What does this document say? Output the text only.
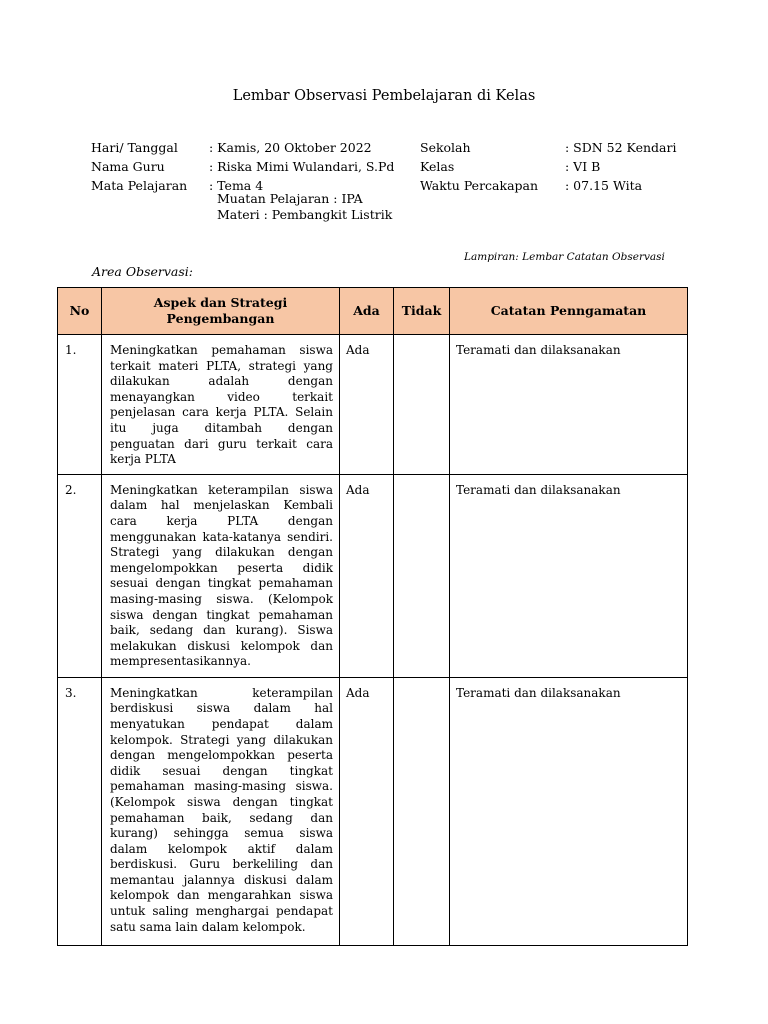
Lembar Observasi Pembelajaran di Kelas
Hari/ Tanggal : Kamis, 20 Oktober 2022
Nama Guru	: Riska Mimi Wulandari, S.Pd
Mata Pelajaran : Tema 4
Muatan Pelajaran : IPA
Materi : Pembangkit Listrik
Sekolah	: SDN 52 Kendari
Kelas	: VI B
Waktu Percakapan : 07.15 Wita
Lampiran: Lembar Catatan Observasi
Area Observasi:
No	Aspek dan Strategi Pengembangan	Ada	Tidak	Catatan Penngamatan
1.	Meningkatkan pemahaman siswa terkait materi PLTA, strategi yang dilakukan adalah dengan menayangkan video terkait penjelasan cara kerja PLTA. Selain itu juga ditambah dengan penguatan dari guru terkait cara kerja PLTA	Ada		Teramati dan dilaksanakan
2.	Meningkatkan keterampilan siswa dalam hal menjelaskan Kembali cara kerja PLTA dengan menggunakan kata-katanya sendiri. Strategi yang dilakukan dengan mengelompokkan peserta didik sesuai dengan tingkat pemahaman masing-masing siswa. (Kelompok siswa dengan tingkat pemahaman baik, sedang dan kurang). Siswa melakukan diskusi kelompok dan mempresentasikannya.	Ada		Teramati dan dilaksanakan
3.	Meningkatkan keterampilan berdiskusi siswa dalam hal menyatukan pendapat dalam kelompok. Strategi yang dilakukan dengan mengelompokkan peserta didik sesuai dengan tingkat pemahaman masing-masing siswa. (Kelompok siswa dengan tingkat pemahaman baik, sedang dan kurang) sehingga semua siswa dalam kelompok aktif dalam berdiskusi. Guru berkeliling dan memantau jalannya diskusi dalam kelompok dan mengarahkan siswa untuk saling menghargai pendapat satu sama lain dalam kelompok.	Ada		Teramati dan dilaksanakan
